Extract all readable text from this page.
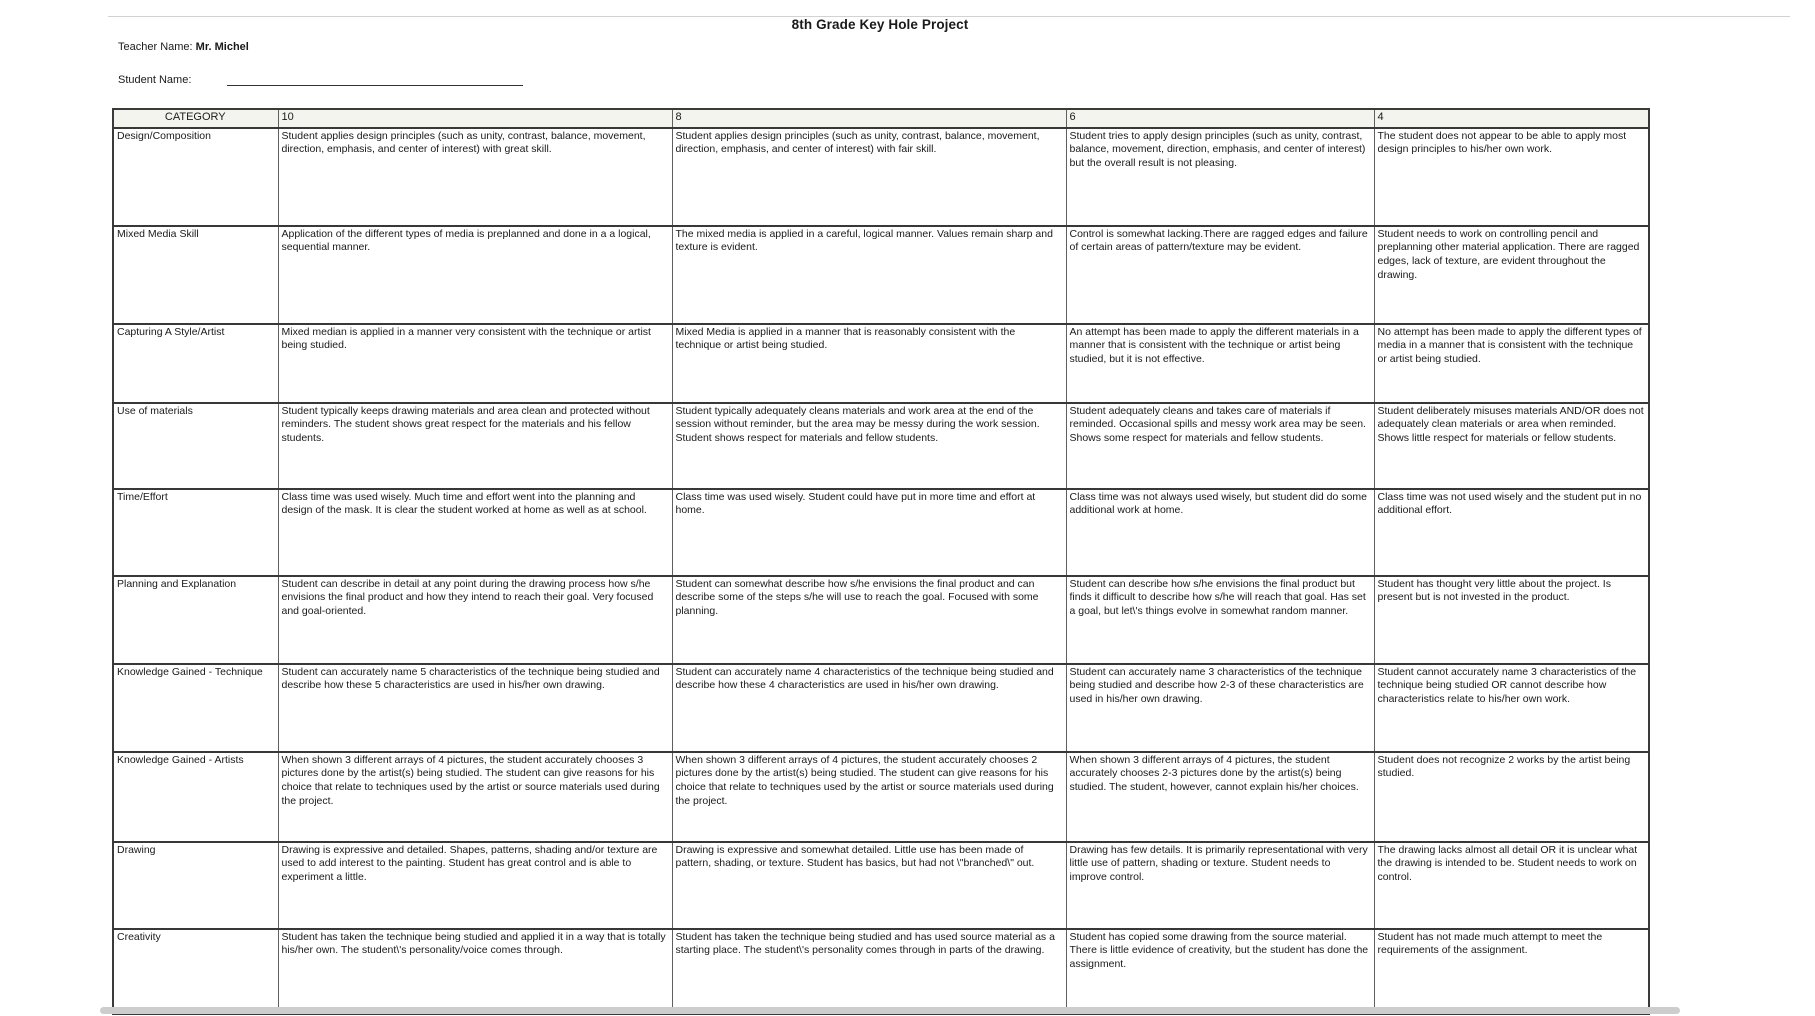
8th Grade Key Hole Project
Teacher Name: Mr. Michel
Student Name:
CATEGORY	10	8	6	4
Design/Composition	Student applies design principles (such as unity, contrast, balance, movement, direction, emphasis, and center of interest) with great skill.	Student applies design principles (such as unity, contrast, balance, movement, direction, emphasis, and center of interest) with fair skill.	Student tries to apply design principles (such as unity, contrast, balance, movement, direction, emphasis, and center of interest) but the overall result is not pleasing.	The student does not appear to be able to apply most design principles to his/her own work.
Mixed Media Skill	Application of the different types of media is preplanned and done in a a logical, sequential manner.	The mixed media is applied in a careful, logical manner. Values remain sharp and texture is evident.	Control is somewhat lacking.There are ragged edges and failure of certain areas of pattern/texture may be evident.	Student needs to work on controlling pencil and preplanning other material application. There are ragged edges, lack of texture, are evident throughout the drawing.
Capturing A Style/Artist	Mixed median is applied in a manner very consistent with the technique or artist being studied.	Mixed Media is applied in a manner that is reasonably consistent with the technique or artist being studied.	An attempt has been made to apply the different materials in a manner that is consistent with the technique or artist being studied, but it is not effective.	No attempt has been made to apply the different types of media in a manner that is consistent with the technique or artist being studied.
Use of materials	Student typically keeps drawing materials and area clean and protected without reminders. The student shows great respect for the materials and his fellow students.	Student typically adequately cleans materials and work area at the end of the session without reminder, but the area may be messy during the work session. Student shows respect for materials and fellow students.	Student adequately cleans and takes care of materials if reminded. Occasional spills and messy work area may be seen. Shows some respect for materials and fellow students.	Student deliberately misuses materials AND/OR does not adequately clean materials or area when reminded. Shows little respect for materials or fellow students.
Time/Effort	Class time was used wisely. Much time and effort went into the planning and design of the mask. It is clear the student worked at home as well as at school.	Class time was used wisely. Student could have put in more time and effort at home.	Class time was not always used wisely, but student did do some additional work at home.	Class time was not used wisely and the student put in no additional effort.
Planning and Explanation	Student can describe in detail at any point during the drawing process how s/he envisions the final product and how they intend to reach their goal. Very focused and goal-oriented.	Student can somewhat describe how s/he envisions the final product and can describe some of the steps s/he will use to reach the goal. Focused with some planning.	Student can describe how s/he envisions the final product but finds it difficult to describe how s/he will reach that goal. Has set a goal, but let\'s things evolve in somewhat random manner.	Student has thought very little about the project. Is present but is not invested in the product.
Knowledge Gained - Technique	Student can accurately name 5 characteristics of the technique being studied and describe how these 5 characteristics are used in his/her own drawing.	Student can accurately name 4 characteristics of the technique being studied and describe how these 4 characteristics are used in his/her own drawing.	Student can accurately name 3 characteristics of the technique being studied and describe how 2-3 of these characteristics are used in his/her own drawing.	Student cannot accurately name 3 characteristics of the technique being studied OR cannot describe how characteristics relate to his/her own work.
Knowledge Gained - Artists	When shown 3 different arrays of 4 pictures, the student accurately chooses 3 pictures done by the artist(s) being studied. The student can give reasons for his choice that relate to techniques used by the artist or source materials used during the project.	When shown 3 different arrays of 4 pictures, the student accurately chooses 2 pictures done by the artist(s) being studied. The student can give reasons for his choice that relate to techniques used by the artist or source materials used during the project.	When shown 3 different arrays of 4 pictures, the student accurately chooses 2-3 pictures done by the artist(s) being studied. The student, however, cannot explain his/her choices.	Student does not recognize 2 works by the artist being studied.
Drawing	Drawing is expressive and detailed. Shapes, patterns, shading and/or texture are used to add interest to the painting. Student has great control and is able to experiment a little.	Drawing is expressive and somewhat detailed. Little use has been made of pattern, shading, or texture. Student has basics, but had not \"branched\" out.	Drawing has few details. It is primarily representational with very little use of pattern, shading or texture. Student needs to improve control.	The drawing lacks almost all detail OR it is unclear what the drawing is intended to be. Student needs to work on control.
Creativity	Student has taken the technique being studied and applied it in a way that is totally his/her own. The student\'s personality/voice comes through.	Student has taken the technique being studied and has used source material as a starting place. The student\'s personality comes through in parts of the drawing.	Student has copied some drawing from the source material. There is little evidence of creativity, but the student has done the assignment.	Student has not made much attempt to meet the requirements of the assignment.
